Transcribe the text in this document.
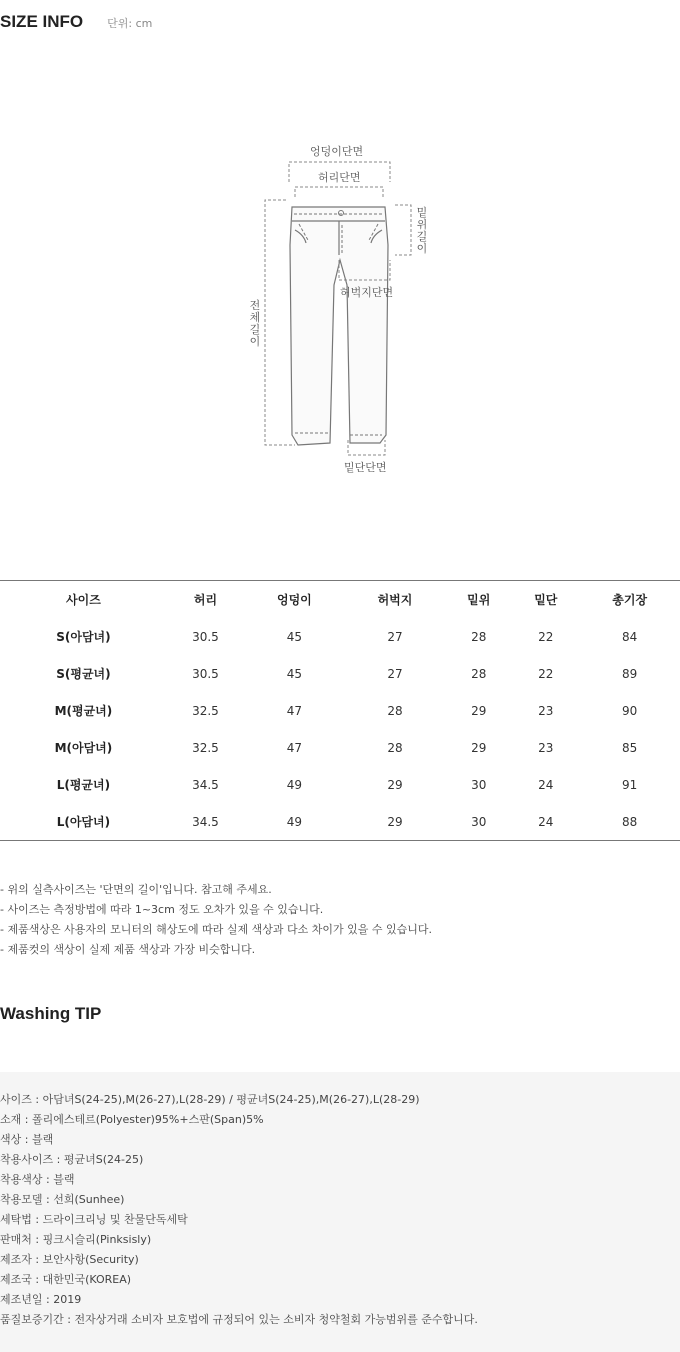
SIZE INFO 단위: cm
엉덩이단면
허리단면
밑위길이
허벅지단면
전체길이
밑단단면
사이즈	허리	엉덩이	허벅지	밑위	밑단	총기장
S(아담녀)	30.5	45	27	28	22	84
S(평균녀)	30.5	45	27	28	22	89
M(평균녀)	32.5	47	28	29	23	90
M(아담녀)	32.5	47	28	29	23	85
L(평균녀)	34.5	49	29	30	24	91
L(아담녀)	34.5	49	29	30	24	88
- 위의 실측사이즈는 '단면의 길이'입니다. 참고해 주세요.
- 사이즈는 측정방법에 따라 1~3cm 정도 오차가 있을 수 있습니다.
- 제품색상은 사용자의 모니터의 해상도에 따라 실제 색상과 다소 차이가 있을 수 있습니다.
- 제품컷의 색상이 실제 제품 색상과 가장 비슷합니다.
Washing TIP
사이즈 : 아담녀S(24-25),M(26-27),L(28-29) / 평균녀S(24-25),M(26-27),L(28-29)
소재 : 폴리에스테르(Polyester)95%+스판(Span)5%
색상 : 블랙
착용사이즈 : 평균녀S(24-25)
착용색상 : 블랙
착용모델 : 선희(Sunhee)
세탁법 : 드라이크리닝 및 찬물단독세탁
판매처 : 핑크시슬리(Pinksisly)
제조자 : 보안사항(Security)
제조국 : 대한민국(KOREA)
제조년일 : 2019
품질보증기간 : 전자상거래 소비자 보호법에 규정되어 있는 소비자 청약철회 가능범위를 준수합니다.
